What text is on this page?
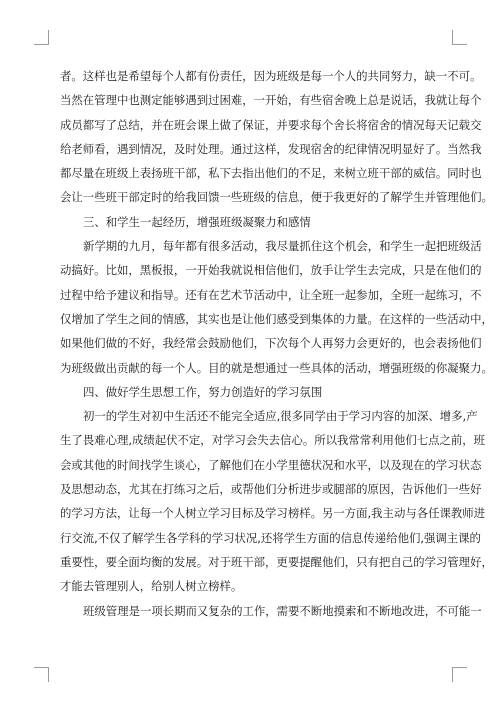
者。这样也是希望每个人都有份责任，因为班级是每一个人的共同努力，缺一不可。
当然在管理中也测定能够遇到过困难，一开始，有些宿舍晚上总是说话，我就让每个
成员都写了总结，并在班会课上做了保证，并要求每个舍长将宿舍的情况每天记载交
给老师看，遇到情况，及时处理。通过这样，发现宿舍的纪律情况明显好了。当然我
都尽量在班级上表扬班干部，私下去指出他们的不足，来树立班干部的威信。同时也
会让一些班干部定时的给我回馈一些班级的信息，便于我更好的了解学生并管理他们。
三、和学生一起经历，增强班级凝聚力和感情
新学期的九月，每年都有很多活动，我尽量抓住这个机会，和学生一起把班级活
动搞好。比如，黑板报，一开始我就说相信他们，放手让学生去完成，只是在他们的
过程中给予建议和指导。还有在艺术节活动中，让全班一起参加，全班一起练习，不
仅增加了学生之间的情感，其实也是让他们感受到集体的力量。在这样的一些活动中，
如果他们做的不好，我经常会鼓励他们，下次每个人再努力会更好的，也会表扬他们
为班级做出贡献的每一个人。目的就是想通过一些具体的活动，增强班级的你凝聚力。
四、做好学生思想工作，努力创造好的学习氛围
初一的学生对初中生活还不能完全适应,很多同学由于学习内容的加深、增多,产
生了畏难心理,成绩起伏不定，对学习会失去信心。所以我常常利用他们七点之前，班
会或其他的时间找学生谈心，了解他们在小学里德状况和水平，以及现在的学习状态
及思想动态，尤其在打练习之后，或帮他们分析进步或腿部的原因，告诉他们一些好
的学习方法，让每一个人树立学习目标及学习榜样。另一方面,我主动与各任课教师进
行交流,不仅了解学生各学科的学习状况,还将学生方面的信息传递给他们,强调主课的
重要性，要全面均衡的发展。对于班干部，更要提醒他们，只有把自己的学习管理好，
才能去管理别人，给别人树立榜样。
班级管理是一项长期而又复杂的工作，需要不断地摸索和不断地改进，不可能一
